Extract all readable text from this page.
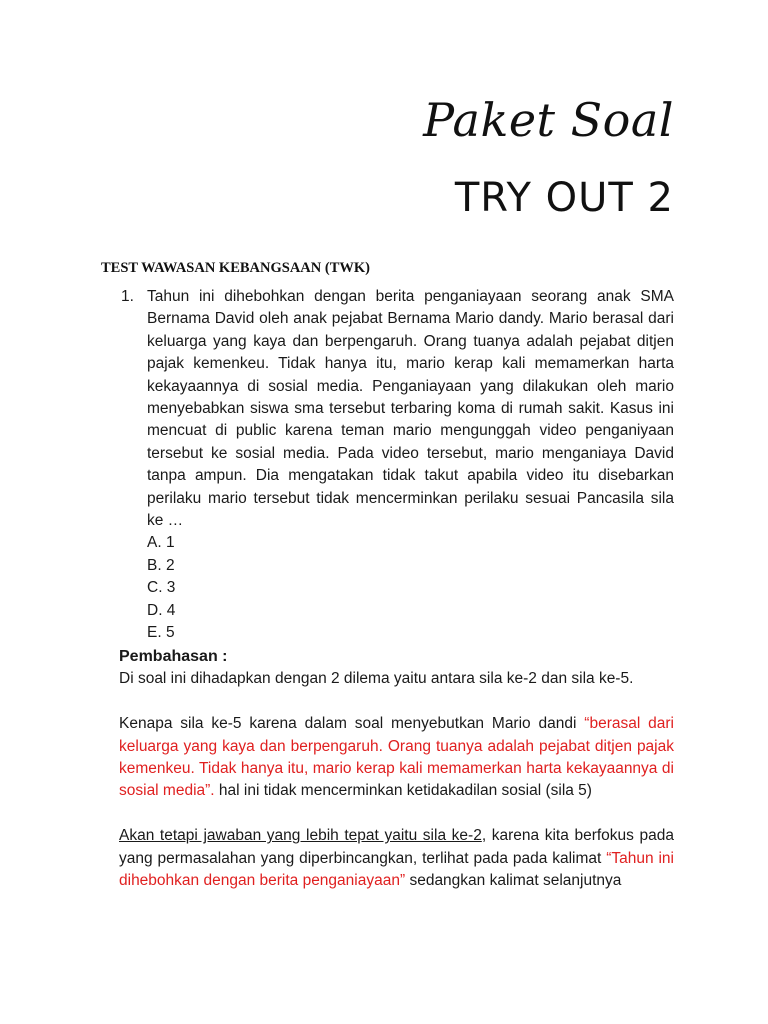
Paket Soal
TRY OUT 2
TEST WAWASAN KEBANGSAAN (TWK)
1. Tahun ini dihebohkan dengan berita penganiayaan seorang anak SMA Bernama David oleh anak pejabat Bernama Mario dandy. Mario berasal dari keluarga yang kaya dan berpengaruh. Orang tuanya adalah pejabat ditjen pajak kemenkeu. Tidak hanya itu, mario kerap kali memamerkan harta kekayaannya di sosial media. Penganiayaan yang dilakukan oleh mario menyebabkan siswa sma tersebut terbaring koma di rumah sakit. Kasus ini mencuat di public karena teman mario mengunggah video penganiyaan tersebut ke sosial media. Pada video tersebut, mario menganiaya David tanpa ampun. Dia mengatakan tidak takut apabila video itu disebarkan perilaku mario tersebut tidak mencerminkan perilaku sesuai Pancasila sila ke …
A. 1
B. 2
C. 3
D. 4
E. 5
Pembahasan :

Di soal ini dihadapkan dengan 2 dilema yaitu antara sila ke-2 dan sila ke-5.

Kenapa sila ke-5 karena dalam soal menyebutkan Mario dandi “berasal dari keluarga yang kaya dan berpengaruh. Orang tuanya adalah pejabat ditjen pajak kemenkeu. Tidak hanya itu, mario kerap kali memamerkan harta kekayaannya di sosial media”. hal ini tidak mencerminkan ketidakadilan sosial (sila 5)

Akan tetapi jawaban yang lebih tepat yaitu sila ke-2, karena kita berfokus pada yang permasalahan yang diperbincangkan, terlihat pada pada kalimat “Tahun ini dihebohkan dengan berita penganiayaan” sedangkan kalimat selanjutnya
